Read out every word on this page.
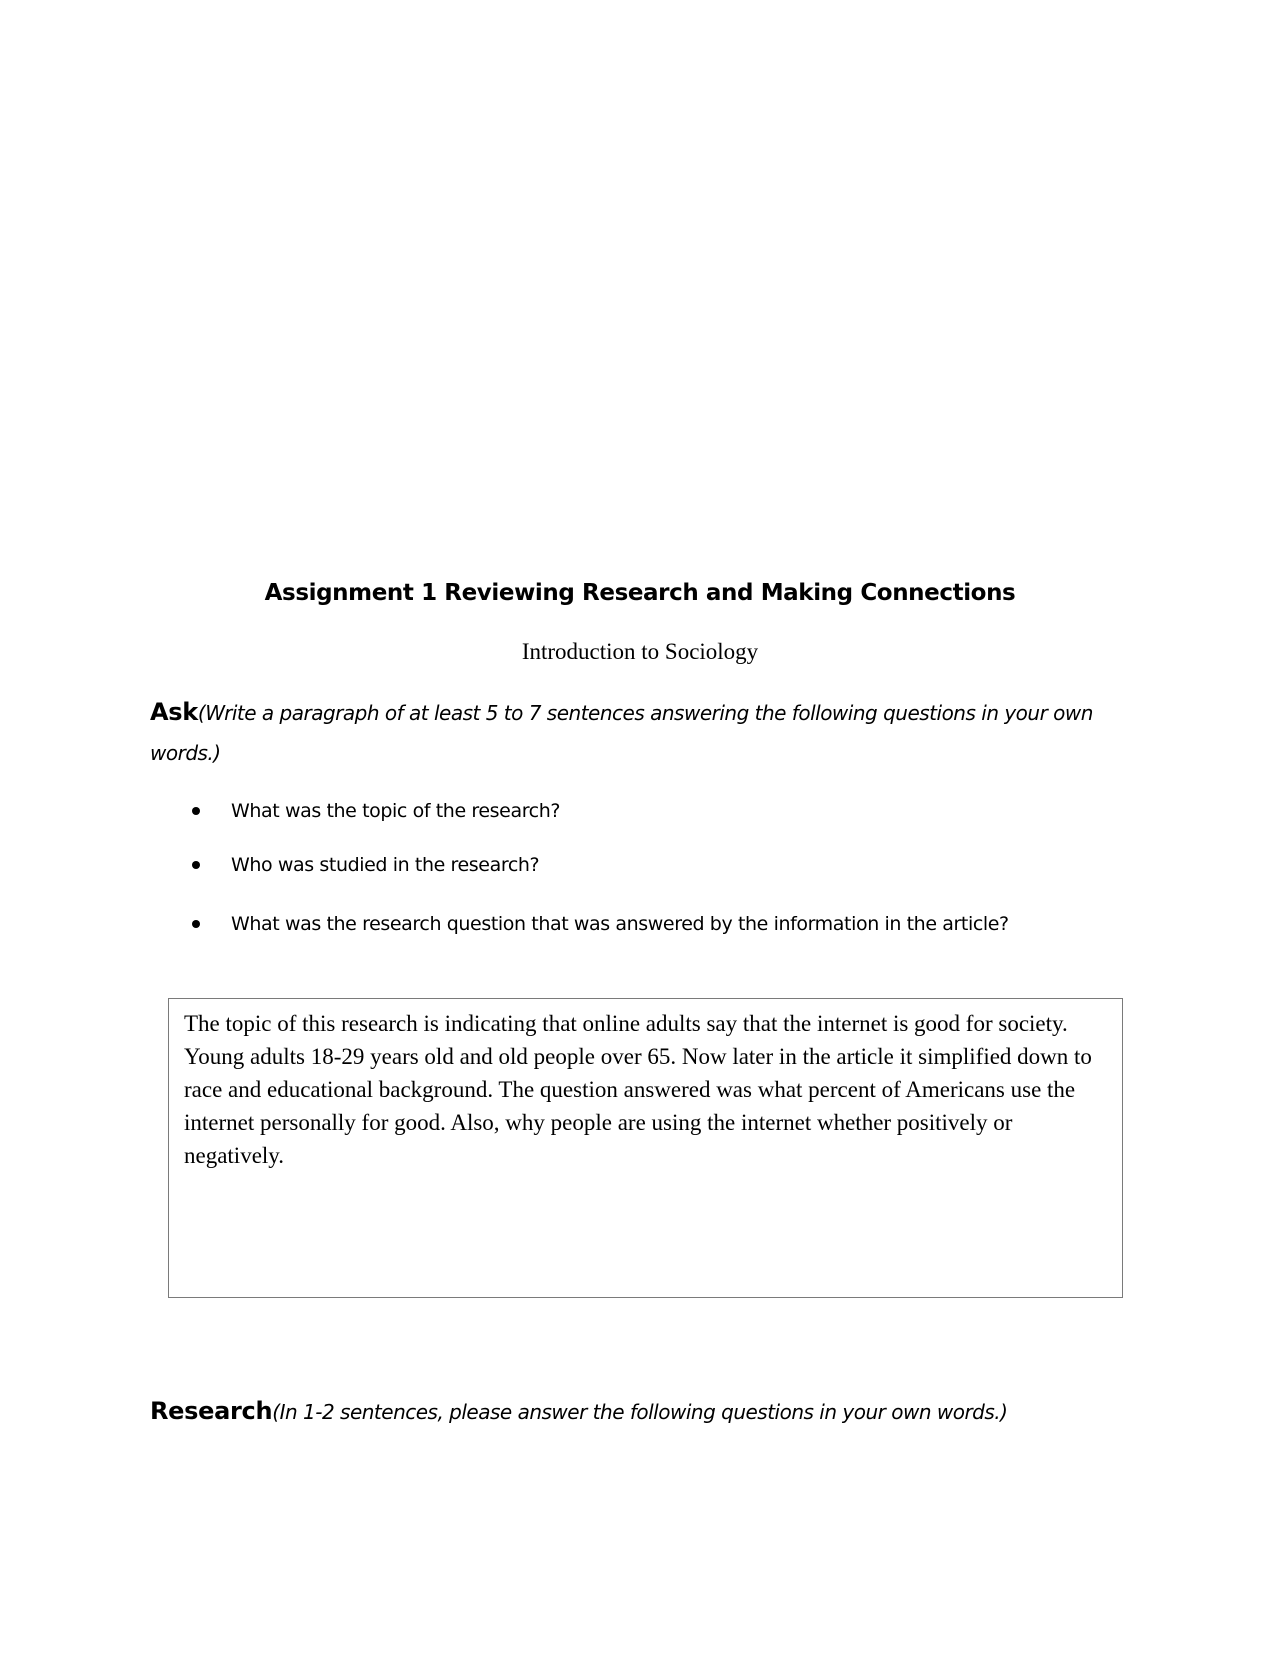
Assignment 1 Reviewing Research and Making Connections
Introduction to Sociology
Ask(Write a paragraph of at least 5 to 7 sentences answering the following questions in your own words.)
What was the topic of the research?
Who was studied in the research?
What was the research question that was answered by the information in the article?
The topic of this research is indicating that online adults say that the internet is good for society. Young adults 18-29 years old and old people over 65. Now later in the article it simplified down to race and educational background. The question answered was what percent of Americans use the internet personally for good. Also, why people are using the internet whether positively or negatively.
Research(In 1-2 sentences, please answer the following questions in your own words.)
